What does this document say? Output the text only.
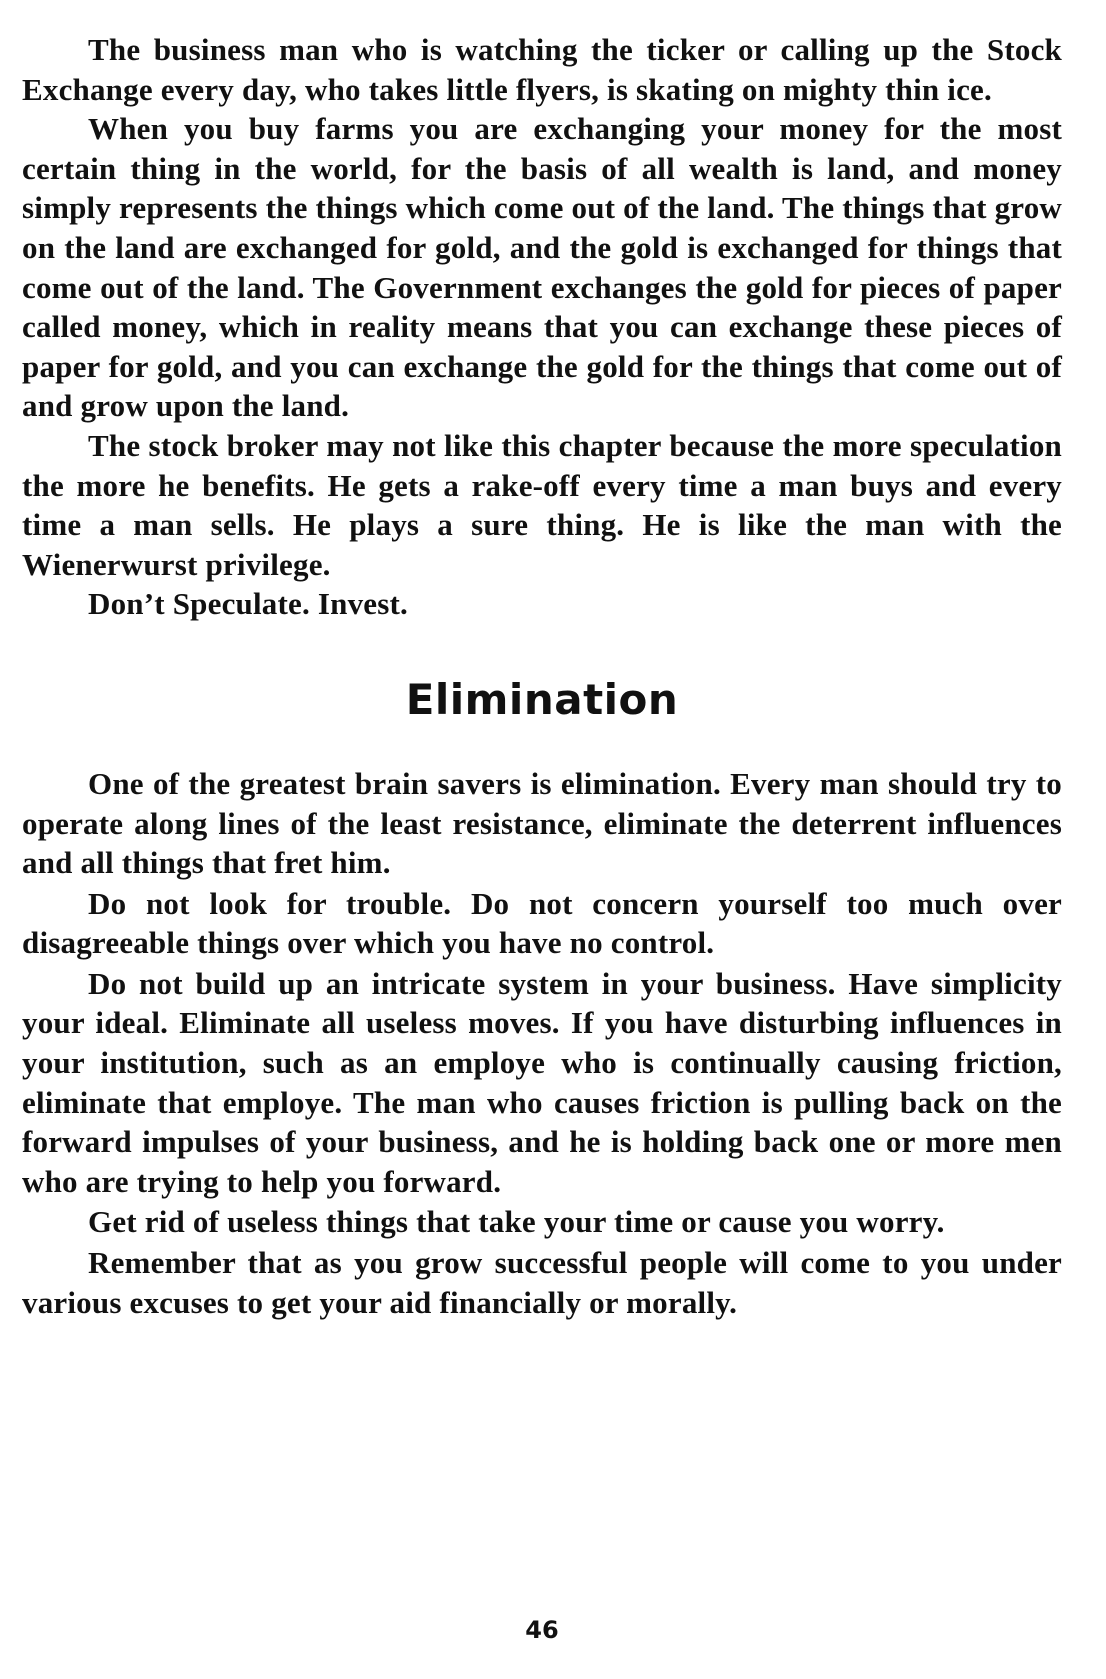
The business man who is watching the ticker or calling up the Stock Exchange every day, who takes little flyers, is skating on mighty thin ice.

When you buy farms you are exchanging your money for the most certain thing in the world, for the basis of all wealth is land, and money simply represents the things which come out of the land. The things that grow on the land are exchanged for gold, and the gold is exchanged for things that come out of the land. The Government exchanges the gold for pieces of paper called money, which in reality means that you can exchange these pieces of paper for gold, and you can exchange the gold for the things that come out of and grow upon the land.

The stock broker may not like this chapter because the more speculation the more he benefits. He gets a rake-off every time a man buys and every time a man sells. He plays a sure thing. He is like the man with the Wienerwurst privilege.

Don’t Speculate. Invest.

Elimination

One of the greatest brain savers is elimination. Every man should try to operate along lines of the least resistance, eliminate the deterrent influences and all things that fret him.

Do not look for trouble. Do not concern yourself too much over disagreeable things over which you have no control.

Do not build up an intricate system in your business. Have simplicity your ideal. Eliminate all useless moves. If you have disturbing influences in your institution, such as an employe who is continually causing friction, eliminate that employe. The man who causes friction is pulling back on the forward impulses of your business, and he is holding back one or more men who are trying to help you forward.

Get rid of useless things that take your time or cause you worry.

Remember that as you grow successful people will come to you under various excuses to get your aid financially or morally.

46
